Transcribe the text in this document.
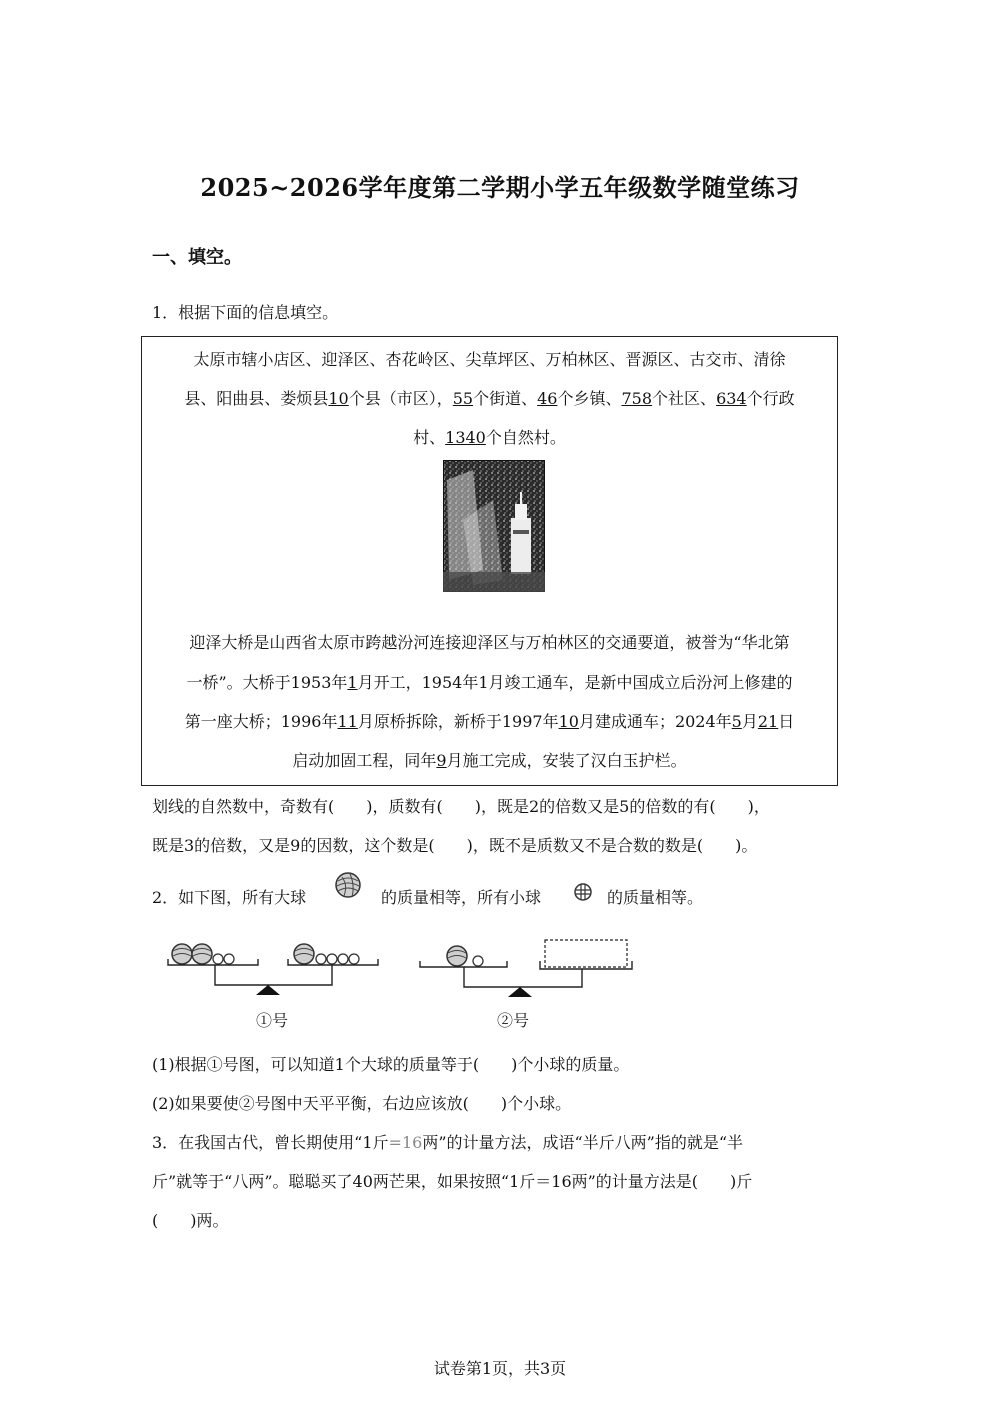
2025~2026学年度第二学期小学五年级数学随堂练习
一、填空。
1．根据下面的信息填空。
太原市辖小店区、迎泽区、杏花岭区、尖草坪区、万柏林区、晋源区、古交市、清徐
县、阳曲县、娄烦县10个县（市区），55个街道、46个乡镇、758个社区、634个行政
村、1340个自然村。
迎泽大桥是山西省太原市跨越汾河连接迎泽区与万柏林区的交通要道，被誉为“华北第
一桥”。大桥于1953年1月开工，1954年1月竣工通车，是新中国成立后汾河上修建的
第一座大桥；1996年11月原桥拆除，新桥于1997年10月建成通车；2024年5月21日
启动加固工程，同年9月施工完成，安装了汉白玉护栏。
划线的自然数中，奇数有(　　)，质数有(　　)，既是2的倍数又是5的倍数的有(　　)，
既是3的倍数，又是9的因数，这个数是(　　)，既不是质数又不是合数的数是(　　)。
2．如下图，所有大球	的质量相等，所有小球	的质量相等。
①号	②号
(1)根据①号图，可以知道1个大球的质量等于(　　)个小球的质量。
(2)如果要使②号图中天平平衡，右边应该放(　　)个小球。
3．在我国古代，曾长期使用“1斤=16两”的计量方法，成语“半斤八两”指的就是“半
斤”就等于“八两”。聪聪买了40两芒果，如果按照“1斤＝16两”的计量方法是(　　)斤
(　　)两。
试卷第1页，共3页
